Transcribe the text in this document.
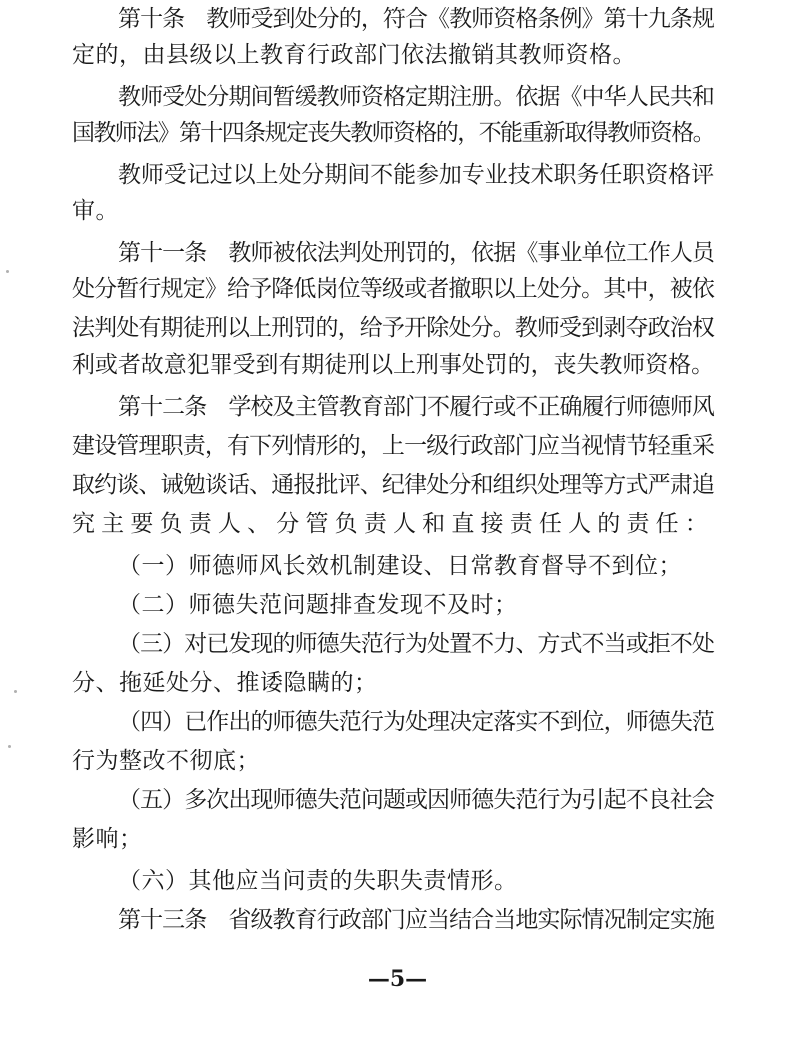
第十条　教师受到处分的，符合《教师资格条例》第十九条规
定的，由县级以上教育行政部门依法撤销其教师资格。
教师受处分期间暂缓教师资格定期注册。依据《中华人民共和
国教师法》第十四条规定丧失教师资格的，不能重新取得教师资格。
教师受记过以上处分期间不能参加专业技术职务任职资格评
审。
第十一条　教师被依法判处刑罚的，依据《事业单位工作人员
处分暂行规定》给予降低岗位等级或者撤职以上处分。其中，被依
法判处有期徒刑以上刑罚的，给予开除处分。教师受到剥夺政治权
利或者故意犯罪受到有期徒刑以上刑事处罚的，丧失教师资格。
第十二条　学校及主管教育部门不履行或不正确履行师德师风
建设管理职责，有下列情形的，上一级行政部门应当视情节轻重采
取约谈、诫勉谈话、通报批评、纪律处分和组织处理等方式严肃追
究主要负责人、分管负责人和直接责任人的责任：
（一）师德师风长效机制建设、日常教育督导不到位；
（二）师德失范问题排查发现不及时；
（三）对已发现的师德失范行为处置不力、方式不当或拒不处
分、拖延处分、推诿隐瞒的；
（四）已作出的师德失范行为处理决定落实不到位，师德失范
行为整改不彻底；
（五）多次出现师德失范问题或因师德失范行为引起不良社会
影响；
（六）其他应当问责的失职失责情形。
第十三条　省级教育行政部门应当结合当地实际情况制定实施
—5—
